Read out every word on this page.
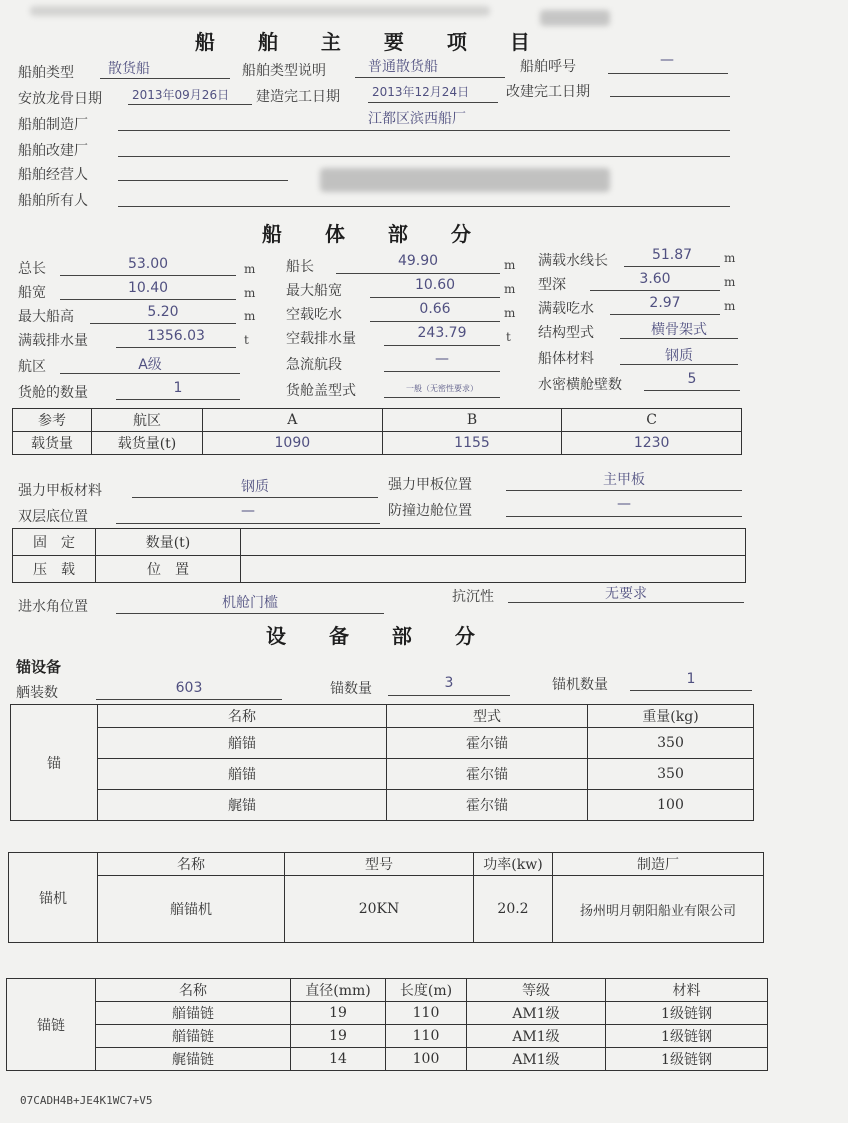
船 舶 主 要 项 目
船舶类型 散货船	船舶类型说明	普通散货船	船舶呼号	—
安放龙骨日期	2013年09月26日 建造完工日期	2013年12月24日	改建完工日期
船舶制造厂	江都区滨西船厂
船舶改建厂
船舶经营人
船舶所有人
船 体 部 分
总长	53.00	m 船长	49.90	m 满载水线长	51.87	m
船宽	10.40	m 最大船宽	10.60	m 型深	3.60	m
最大船高	5.20	m 空载吃水	0.66	m 满载吃水	2.97	m
满载排水量	1356.03	t	空载排水量	243.79	t 结构型式	横骨架式
航区	A级	急流航段	—	船体材料	钢质
货舱的数量	1	货舱盖型式	一般（无密性要求）	水密横舱壁数	5
参考	航区	A	B	C
载货量	载货量(t)	1090	1155	1230
强力甲板材料	钢质	强力甲板位置	主甲板
双层底位置	—	防撞边舱位置	—
固　定	数量(t)	
压　载	位　置	
进水角位置	机舱门槛	抗沉性	无要求
设 备 部 分
锚设备
舾装数	603	锚数量	3	锚机数量	1
锚	名称	型式	重量(kg)
	艏锚	霍尔锚	350
	艏锚	霍尔锚	350
	艉锚	霍尔锚	100
锚机	名称	型号	功率(kw)	制造厂
	艏锚机	20KN	20.2	扬州明月朝阳船业有限公司
锚链	名称	直径(mm)	长度(m)	等级	材料
	艏锚链	19	110	AM1级	1级链钢
	艏锚链	19	110	AM1级	1级链钢
	艉锚链	14	100	AM1级	1级链钢
07CADH4B+JE4K1WC7+V5
